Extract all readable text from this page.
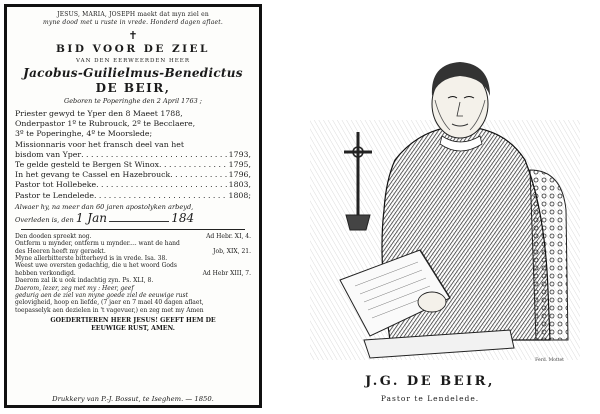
JESUS, MARIA, JOSEPH maekt dat myn ziel en
myne dood met u ruste in vrede. Honderd dagen aflaet.
✝
BID VOOR DE ZIEL
VAN DEN EERWEERDEN HEER
Jacobus-Guilielmus-Benedictus
DE BEIR,
Geboren te Poperinghe den 2 April 1763 ;
Priester gewyd te Yper den 8 Maeet 1788,
Onderpastor 1º te Rubrouck, 2º te Becclaere,
3º te Poperinghe, 4º te Moorslede;
Missionnaris voor het fransch deel van het
bisdom van Yper . . .	1793,
Te gelde gesteld te Bergen St Winox . . .	1795,
In het gevang te Cassel en Hazebrouck . . .	1796,
Pastor tot Hollebeke . . .	1803,
Pastor te Lendelede . . .	1808;
Alwaer hy, na meer dan 60 jaren apostolyken arbeyd,
Overleden is, den 1 Jan	184
Den dooden spreekt nog.	Ad Hebr. XI, 4.
Ontferm u mynder, ontferm u mynder.... want de hand
des Heeren heeft my geraekt.	Job, XIX, 21.
Myne allerbitterste bitterheyd is in vrede. Isa. 38.
Weest uwe oversten gedachtig, die u het woord Gods
hebben verkondigd.	Ad Hebr XIII, 7.
Daerom zal ik u ook indachtig zyn. Ps. XLI, 8.
Daerom, lezer, zeg met my : Heer, geef
gedurig aen de ziel van myne goede ziel de eeuwige rust
gelovigheid, hoop en liefde, (7 jaer en 7 mael 40 dagen aflaet,
toepasselyk aen dezielen in 't vagevuer,) en zeg met my Amen
GOEDERTIEREN HEER JESUS! GEEFT HEM DE
EEUWIGE RUST, AMEN.
Drukkery van P.-J. Bossut, te Iseghem. — 1850.
Ferd. Mottet
J.G. DE BEIR,
Pastor te Lendelede.
